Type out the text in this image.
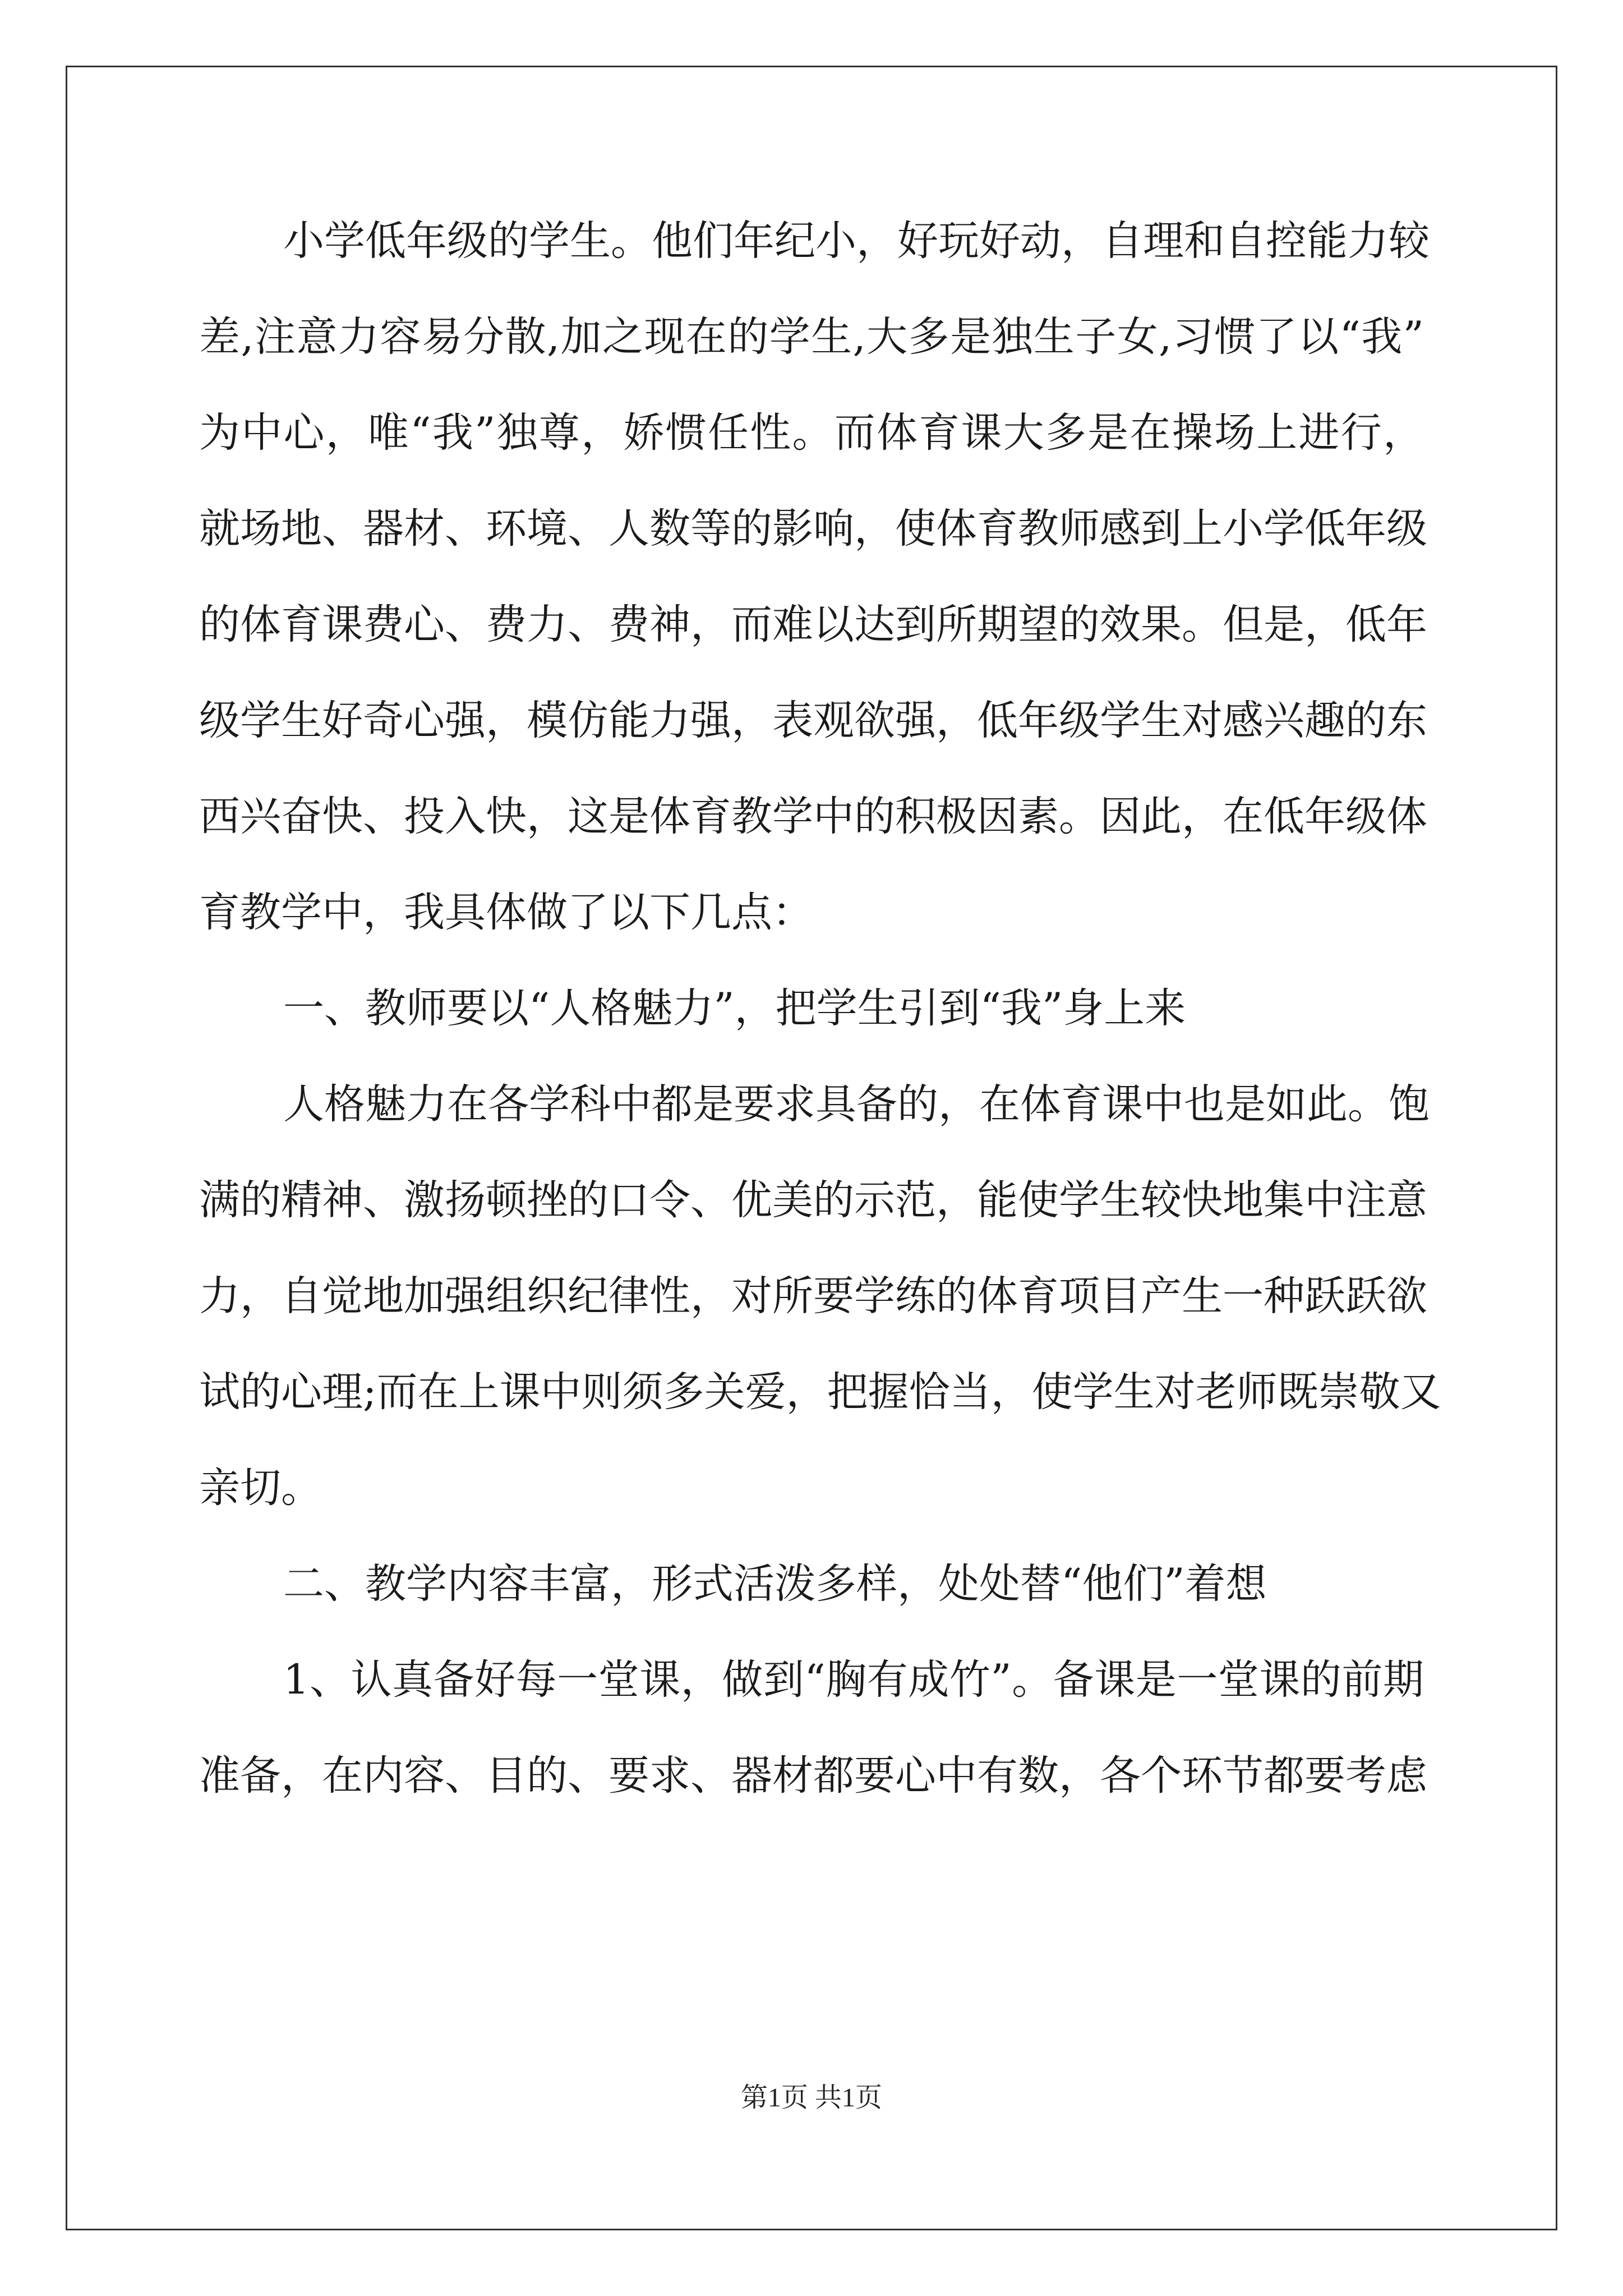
小学低年级的学生。他们年纪小，好玩好动，自理和自控能力较
差,注意力容易分散,加之现在的学生,大多是独生子女,习惯了以“我”
为中心，唯“我”独尊，娇惯任性。而体育课大多是在操场上进行，
就场地、器材、环境、人数等的影响，使体育教师感到上小学低年级
的体育课费心、费力、费神，而难以达到所期望的效果。但是，低年
级学生好奇心强，模仿能力强，表观欲强，低年级学生对感兴趣的东
西兴奋快、投入快，这是体育教学中的积极因素。因此，在低年级体
育教学中，我具体做了以下几点：
一、教师要以“人格魅力”，把学生引到“我”身上来
人格魅力在各学科中都是要求具备的，在体育课中也是如此。饱
满的精神、激扬顿挫的口令、优美的示范，能使学生较快地集中注意
力，自觉地加强组织纪律性，对所要学练的体育项目产生一种跃跃欲
试的心理;而在上课中则须多关爱，把握恰当，使学生对老师既崇敬又
亲切。
二、教学内容丰富，形式活泼多样，处处替“他们”着想
1、认真备好每一堂课，做到“胸有成竹”。备课是一堂课的前期
准备，在内容、目的、要求、器材都要心中有数，各个环节都要考虑
第1页 共1页
